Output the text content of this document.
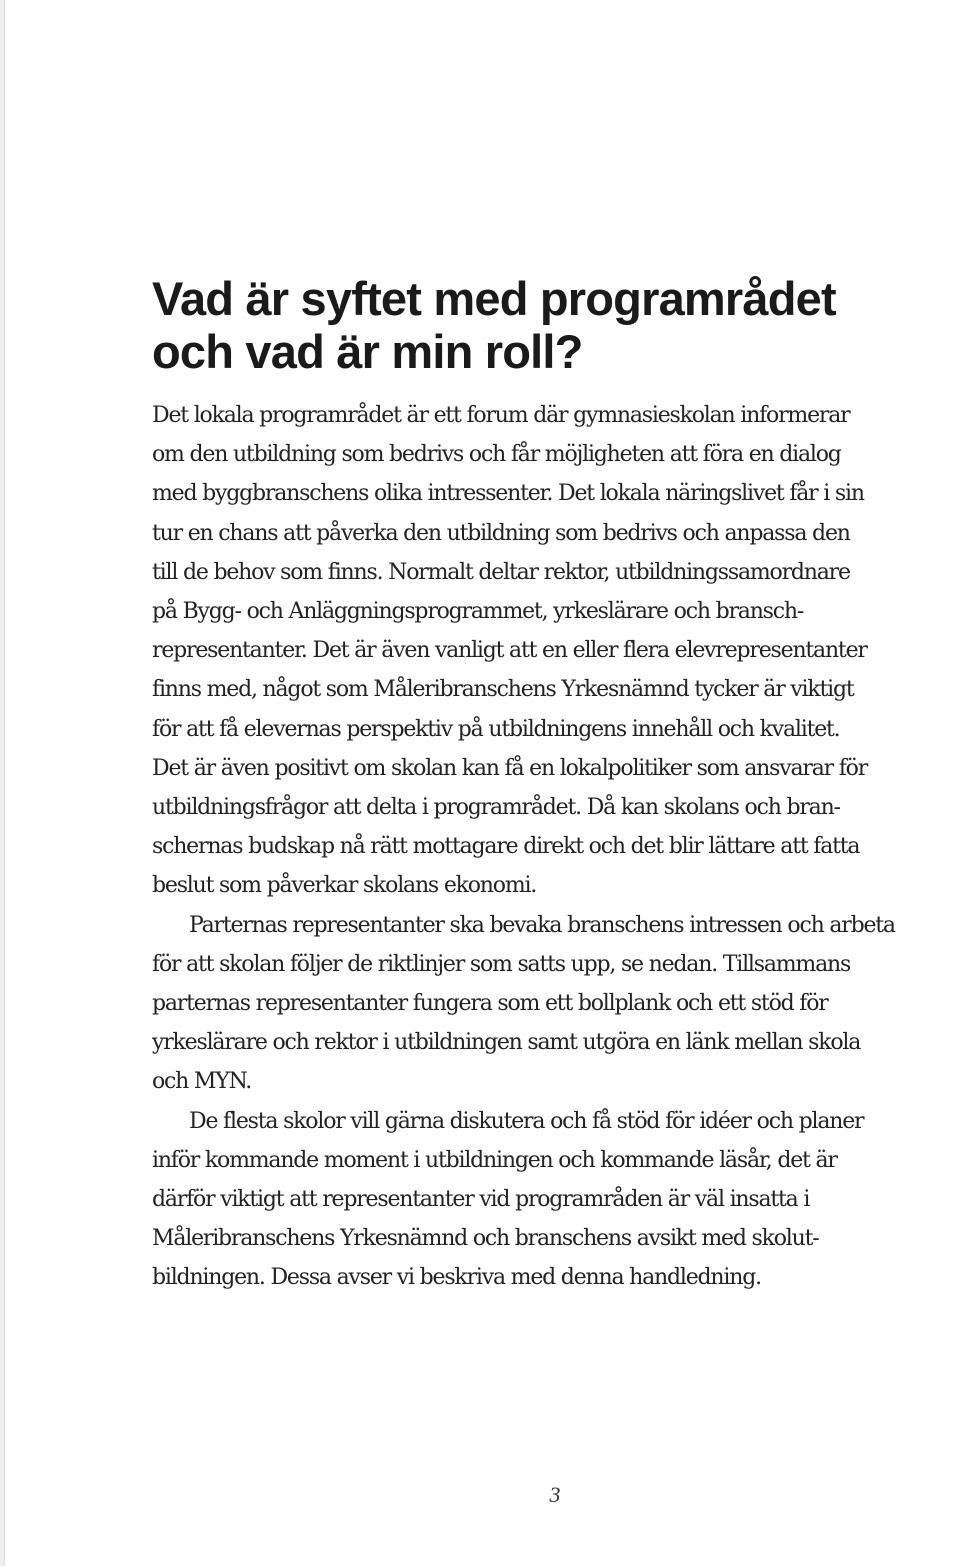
Vad är syftet med programrådet
och vad är min roll?

Det lokala programrådet är ett forum där gymnasieskolan informerar
om den utbildning som bedrivs och får möjligheten att föra en dialog
med byggbranschens olika intressenter. Det lokala näringslivet får i sin
tur en chans att påverka den utbildning som bedrivs och anpassa den
till de behov som finns. Normalt deltar rektor, utbildningssamordnare
på Bygg- och Anläggningsprogrammet, yrkeslärare och bransch-
representanter. Det är även vanligt att en eller flera elevrepresentanter
finns med, något som Måleribranschens Yrkesnämnd tycker är viktigt
för att få elevernas perspektiv på utbildningens innehåll och kvalitet.
Det är även positivt om skolan kan få en lokalpolitiker som ansvarar för
utbildningsfrågor att delta i programrådet. Då kan skolans och bran-
schernas budskap nå rätt mottagare direkt och det blir lättare att fatta
beslut som påverkar skolans ekonomi.

Parternas representanter ska bevaka branschens intressen och arbeta
för att skolan följer de riktlinjer som satts upp, se nedan. Tillsammans
parternas representanter fungera som ett bollplank och ett stöd för
yrkeslärare och rektor i utbildningen samt utgöra en länk mellan skola
och MYN.

De flesta skolor vill gärna diskutera och få stöd för idéer och planer
inför kommande moment i utbildningen och kommande läsår, det är
därför viktigt att representanter vid programråden är väl insatta i
Måleribranschens Yrkesnämnd och branschens avsikt med skolut-
bildningen. Dessa avser vi beskriva med denna handledning.

3
